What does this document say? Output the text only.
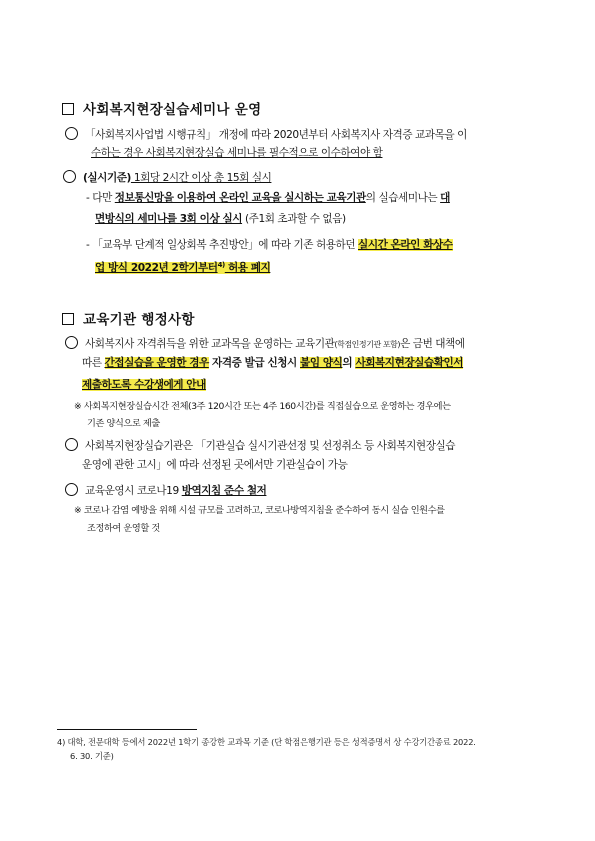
사회복지현장실습세미나 운영
「사회복지사업법 시행규칙」 개정에 따라 2020년부터 사회복지사 자격증 교과목을 이
수하는 경우 사회복지현장실습 세미나를 필수적으로 이수하여야 함
(실시기준) 1회당 2시간 이상 총 15회 실시
- 다만 정보통신망을 이용하여 온라인 교육을 실시하는 교육기관의 실습세미나는 대
면방식의 세미나를 3회 이상 실시 (주1회 초과할 수 없음)
- 「교육부 단계적 일상회복 추진방안」에 따라 기존 허용하던 실시간 온라인 화상수
업 방식 2022년 2학기부터$^{4)}$ 허용 폐지
교육기관 행정사항
사회복지사 자격취득을 위한 교과목을 운영하는 교육기관(학점인정기관 포함)은 금번 대책에
따른 간접실습을 운영한 경우 자격증 발급 신청시 붙임 양식의 사회복지현장실습확인서
제출하도록 수강생에게 안내
※ 사회복지현장실습시간 전체(3주 120시간 또는 4주 160시간)를 직접실습으로 운영하는 경우에는
기존 양식으로 제출
사회복지현장실습기관은 「기관실습 실시기관선정 및 선정취소 등 사회복지현장실습
운영에 관한 고시」에 따라 선정된 곳에서만 기관실습이 가능
교육운영시 코로나19 방역지침 준수 철저
※ 코로나 감염 예방을 위해 시설 규모를 고려하고, 코로나방역지침을 준수하여 동시 실습 인원수를
조정하여 운영할 것
4) 대학, 전문대학 등에서 2022년 1학기 종강한 교과목 기준 (단 학점은행기관 등은 성적증명서 상 수강기간종료 2022.
6. 30. 기준)
